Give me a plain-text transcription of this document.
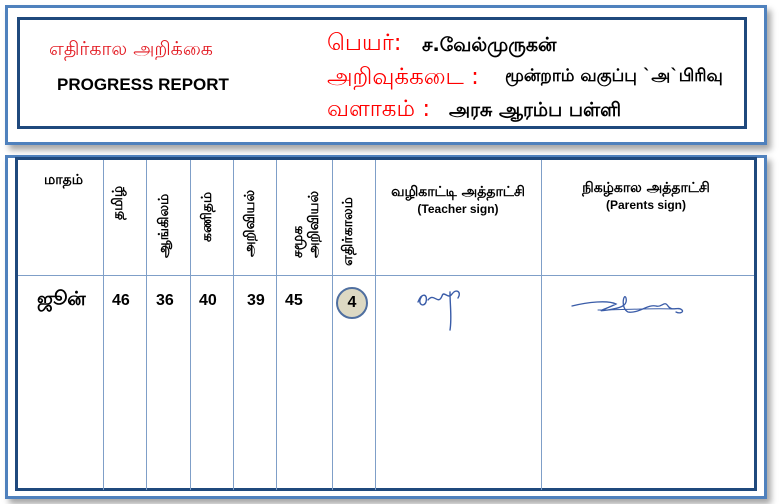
எதிர்கால அறிக்கை
PROGRESS REPORT
பெயர்: ச.வேல்முருகன்
அறிவுக்கடை : மூன்றாம் வகுப்பு `அ`பிரிவு
வளாகம் : அரசு ஆரம்ப பள்ளி
மாதம்
தமிழ் ஆங்கிலம் கணிதம் அறிவியல் சமூக அறிவியல் எதிர்காலம்
வழிகாட்டி அத்தாட்சி
(Teacher sign)
நிகழ்கால அத்தாட்சி
(Parents sign)
ஜூன் 46 36 40 39 45	4
